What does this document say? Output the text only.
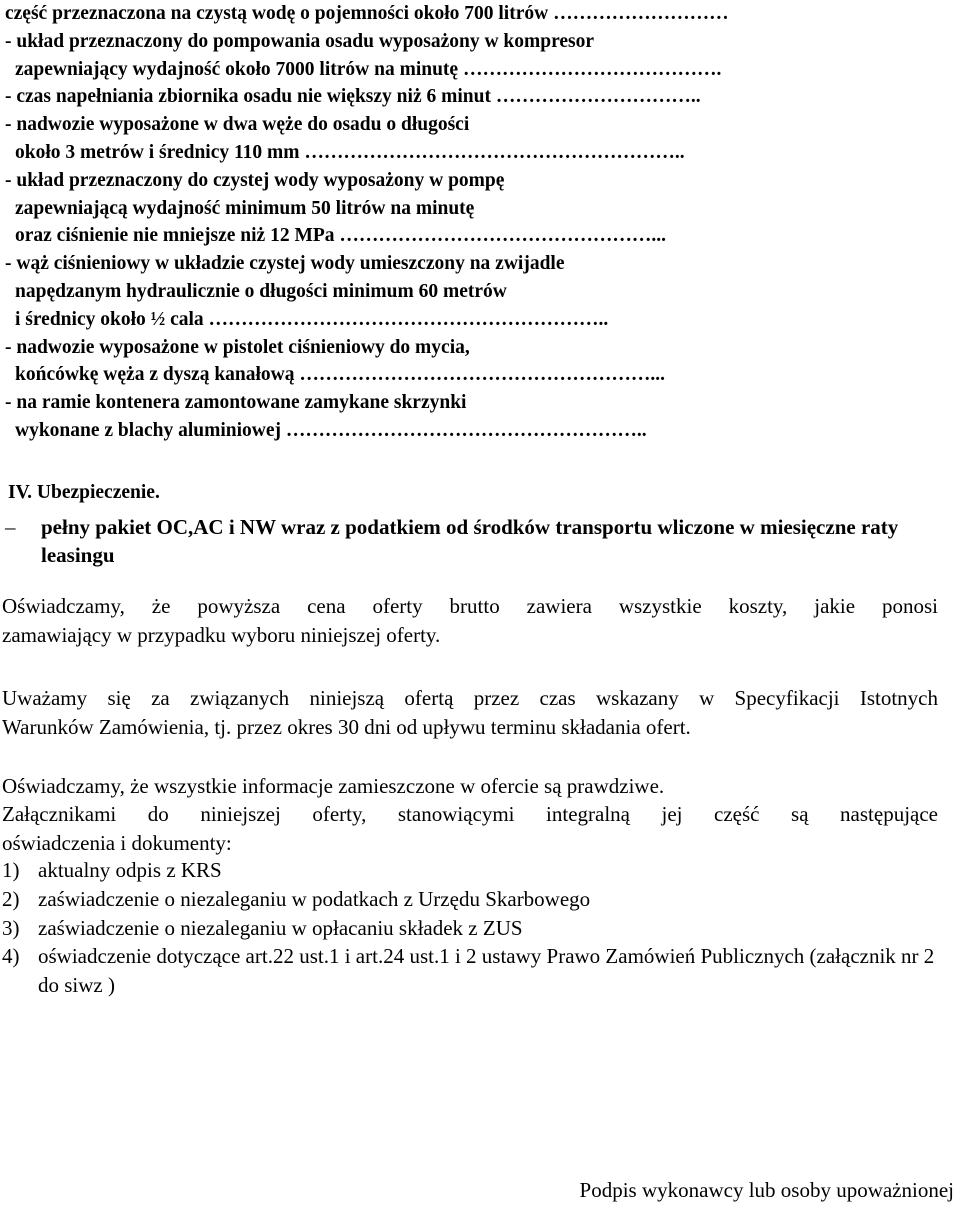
część przeznaczona na czystą wodę o pojemności około 700 litrów ………………………
- układ przeznaczony do pompowania osadu wyposażony w kompresor
zapewniający wydajność około 7000 litrów na minutę ………………………………….
- czas napełniania zbiornika osadu nie większy niż 6 minut …………………………..
- nadwozie wyposażone w dwa węże do osadu o długości
około 3 metrów i średnicy 110 mm …………………………………………………..
- układ przeznaczony do czystej wody wyposażony w pompę
zapewniającą wydajność minimum 50 litrów na minutę
oraz ciśnienie nie mniejsze niż 12 MPa …………………………………………...
- wąż ciśnieniowy w układzie czystej wody umieszczony na zwijadle
napędzanym hydraulicznie o długości minimum 60 metrów
i średnicy około ½ cala ……………………………………………………..
- nadwozie wyposażone w pistolet ciśnieniowy do mycia,
końcówkę węża z dyszą kanałową ………………………………………………...
- na ramie kontenera zamontowane zamykane skrzynki
wykonane z blachy aluminiowej ………………………………………………..
IV. Ubezpieczenie.
– pełny pakiet OC,AC i NW wraz z podatkiem od środków transportu wliczone w miesięczne raty leasingu
Oświadczamy, że powyższa cena oferty brutto zawiera wszystkie koszty, jakie ponosi
zamawiający w przypadku wyboru niniejszej oferty.
Uważamy się za związanych niniejszą ofertą przez czas wskazany w Specyfikacji Istotnych
Warunków Zamówienia, tj. przez okres 30 dni od upływu terminu składania ofert.
Oświadczamy, że wszystkie informacje zamieszczone w ofercie są prawdziwe.
Załącznikami do niniejszej oferty, stanowiącymi integralną jej część są następujące
oświadczenia i dokumenty:
1) aktualny odpis z KRS
2) zaświadczenie o niezaleganiu w podatkach z Urzędu Skarbowego
3) zaświadczenie o niezaleganiu w opłacaniu składek z ZUS
4) oświadczenie dotyczące art.22 ust.1 i art.24 ust.1 i 2 ustawy Prawo Zamówień Publicznych (załącznik nr 2 do siwz )
Podpis wykonawcy lub osoby upoważnionej
